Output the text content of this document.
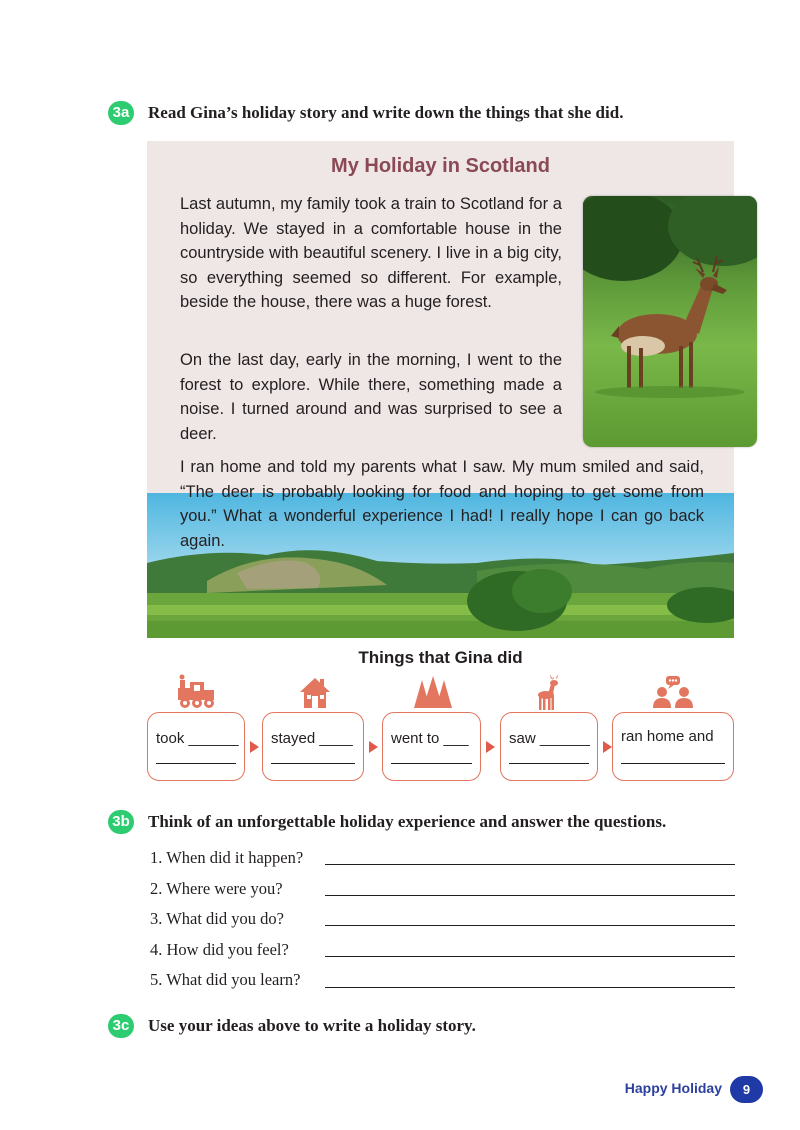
3a Read Gina’s holiday story and write down the things that she did.
My Holiday in Scotland

Last autumn, my family took a train to Scotland for a holiday. We stayed in a comfortable house in the countryside with beautiful scenery. I live in a big city, so everything seemed so different. For example, beside the house, there was a huge forest.

On the last day, early in the morning, I went to the forest to explore. While there, something made a noise. I turned around and was surprised to see a deer.

I ran home and told my parents what I saw. My mum smiled and said, “The deer is probably looking for food and hoping to get some from you.” What a wonderful experience I had! I really hope I can go back again.

Things that Gina did
took ______ stayed ____	went to ___	saw ______ ran home and
3b Think of an unforgettable holiday experience and answer the questions.
1. When did it happen?
2. Where were you?
3. What did you do?
4. How did you feel?
5. What did you learn?
3c Use your ideas above to write a holiday story.
Happy Holiday	9
